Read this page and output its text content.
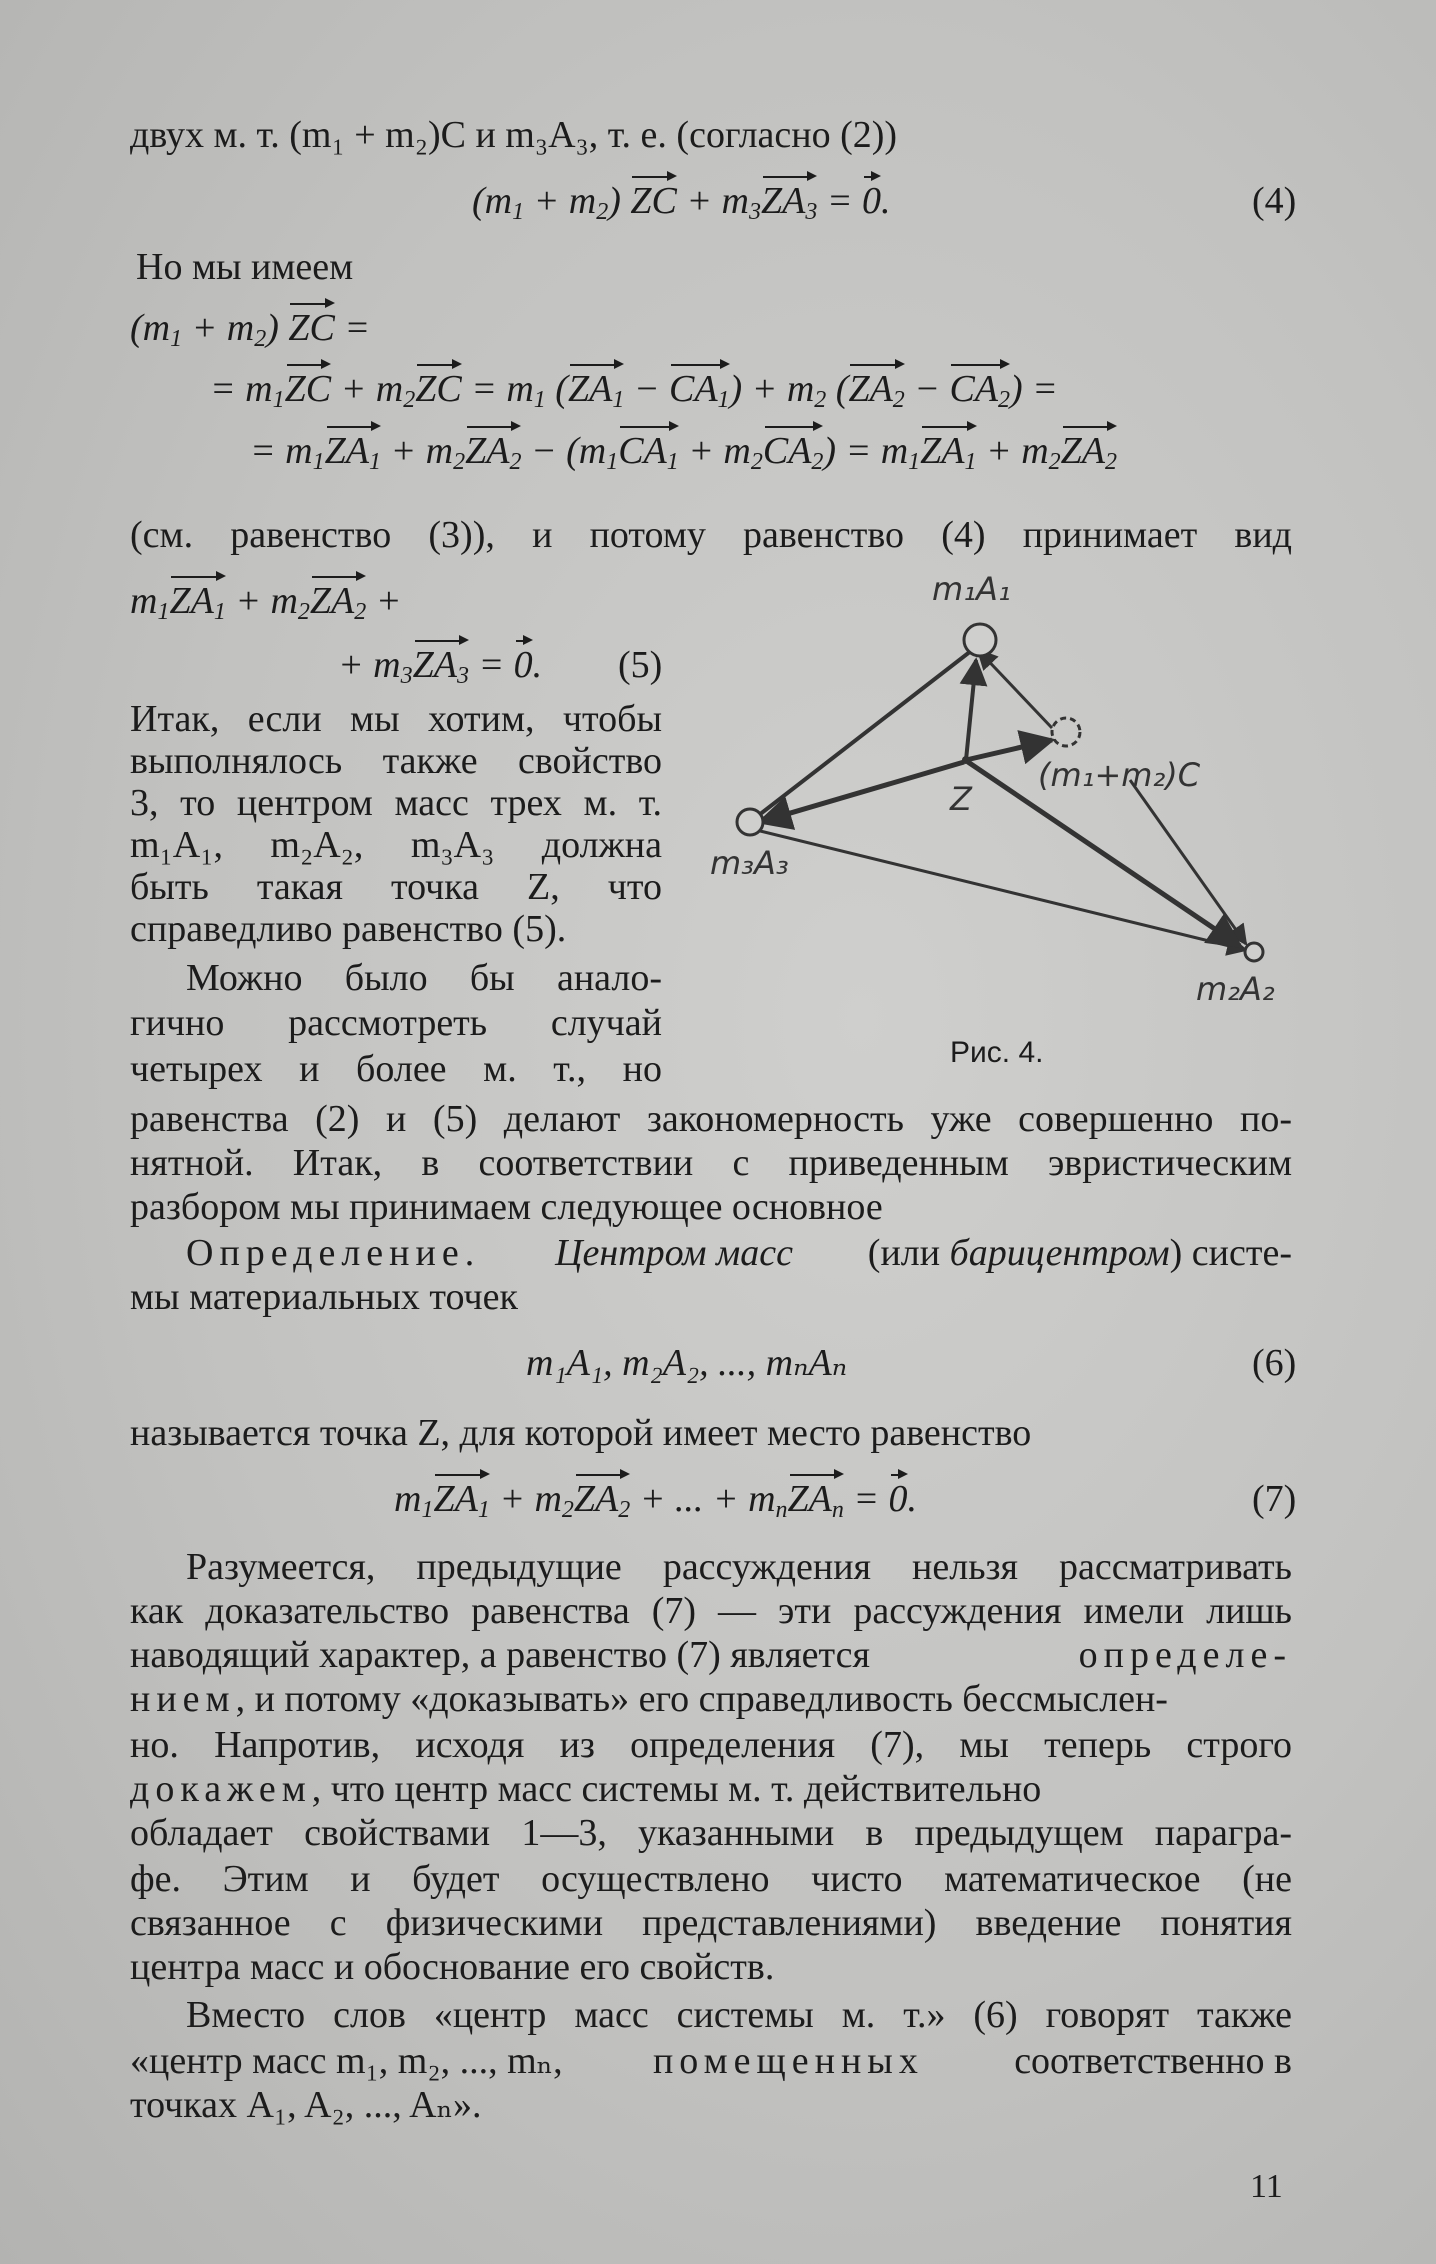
двух м. т. (m₁ + m₂)C и m₃A₃, т. е. (согласно (2))
$(m_1 + m_2)$ ZC + $m_3ZA_3 = 0$.	(4)
Но мы имеем
$(m_1 + m_2)$ ZC =
= $m_1ZC + m_2ZC = m_1$ $(ZA_1 - CA_1) + m_2$ $(ZA_2 - CA_2)$ =
= $m_1ZA_1 + m_2ZA_2 - (m_1CA_1 + m_2CA_2) = m_1ZA_1 + m_2ZA_2$
(см. равенство (3)), и потому равенство (4) принимает вид
$m_1ZA_1 + m_2ZA_2$ +
+ $m_3ZA_3 = 0$. (5)
Итак, если мы хотим, чтобы
выполнялось также свойство
3, то центром масс трех м. т.
m₁A₁, m₂A₂, m₃A₃ должна
быть такая точка Z, что
справедливо равенство (5).
Можно было бы анало-
гично рассмотреть случай
четырех и более м. т., но
m₁A₁
Z
(m₁+m₂)C
m₃A₃
m₂A₂
Рис. 4.
равенства (2) и (5) делают закономерность уже совершенно по-
нятной. Итак, в соответствии с приведенным эвристическим
разбором мы принимаем следующее основное
Определение. Центром масс (или барицентром) систе-
мы материальных точек
m₁A₁, m₂A₂, ..., mₙAₙ	(6)
называется точка Z, для которой имеет место равенство
$m_1ZA_1 + m_2ZA_2$ + ... + $m_nZA_n = 0$.	(7)
Разумеется, предыдущие рассуждения нельзя рассматривать
как доказательство равенства (7) — эти рассуждения имели лишь
наводящий характер, а равенство (7) является	определе-
нием, и потому «доказывать» его справедливость бессмыслен-
но. Напротив, исходя из определения (7), мы теперь строго
докажем, что центр масс системы м. т. действительно
обладает свойствами 1—3, указанными в предыдущем парагра-
фе. Этим и будет осуществлено чисто математическое (не
связанное с физическими представлениями) введение понятия
центра масс и обоснование его свойств.
Вместо слов «центр масс системы м. т.» (6) говорят также
«центр масс m₁, m₂, ..., mₙ, помещенных соответственно в
точках A₁, A₂, ..., Aₙ».
11
